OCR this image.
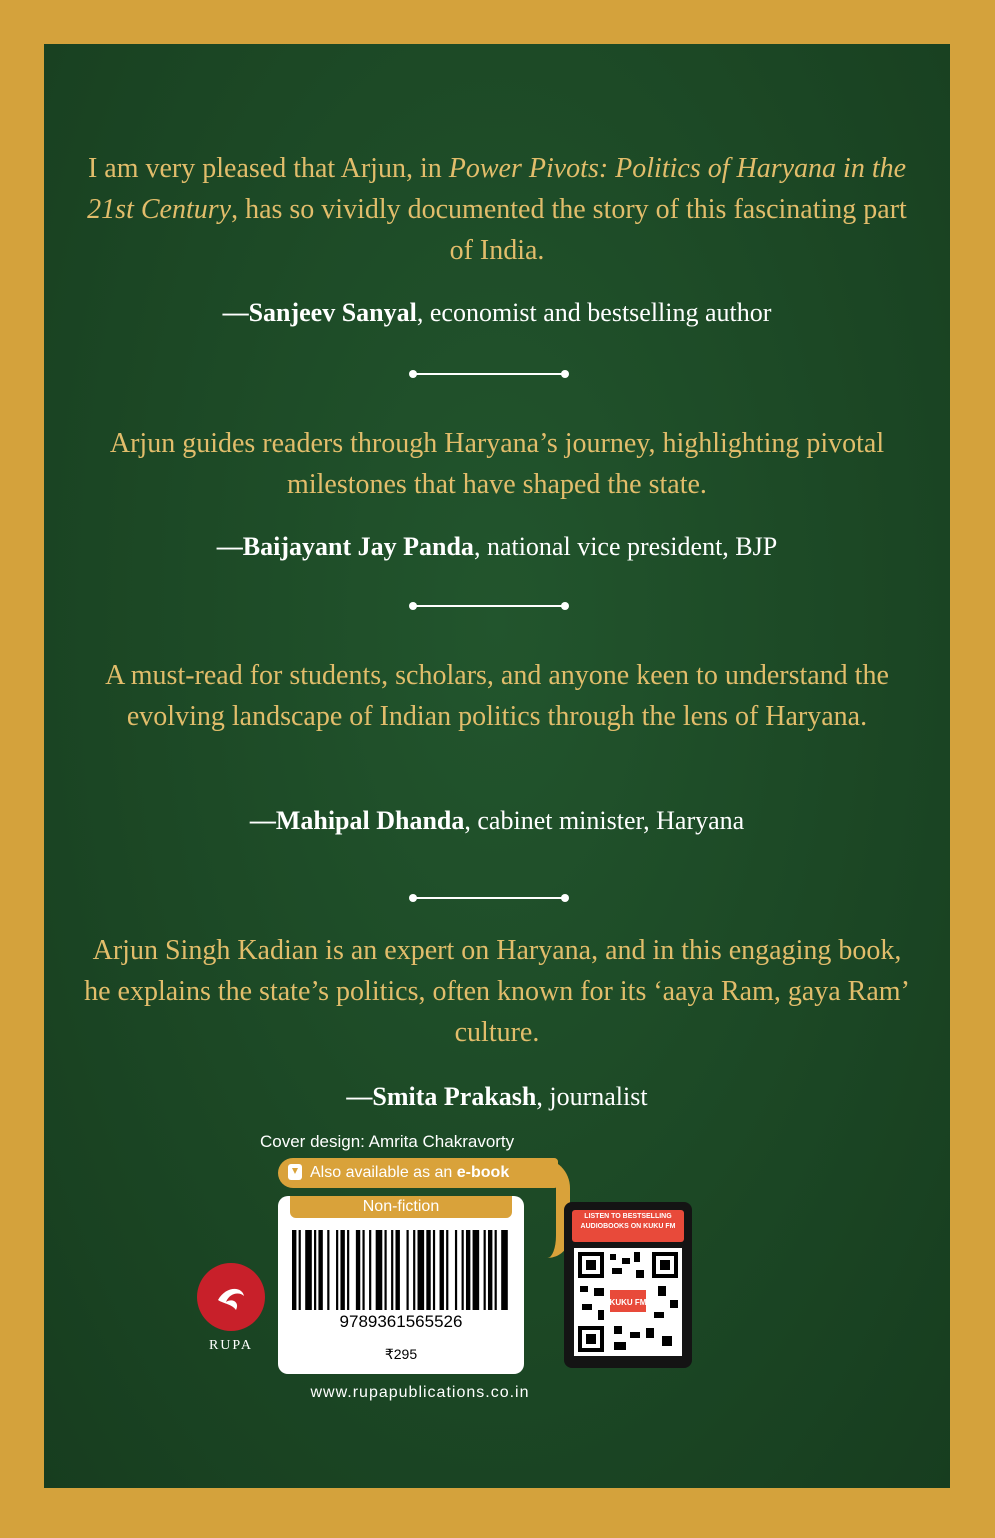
I am very pleased that Arjun, in Power Pivots: Politics of Haryana in the 21st Century, has so vividly documented the story of this fascinating part of India.
—Sanjeev Sanyal, economist and bestselling author
Arjun guides readers through Haryana’s journey, highlighting pivotal milestones that have shaped the state.
—Baijayant Jay Panda, national vice president, BJP
A must-read for students, scholars, and anyone keen to understand the evolving landscape of Indian politics through the lens of Haryana.
—Mahipal Dhanda, cabinet minister, Haryana
Arjun Singh Kadian is an expert on Haryana, and in this engaging book, he explains the state’s politics, often known for its ‘aaya Ram, gaya Ram’ culture.
—Smita Prakash, journalist
Cover design: Amrita Chakravorty
Also available as an e-book
Non-fiction
9789361565526
₹295
RUPA
LISTEN TO BESTSELLING AUDIOBOOKS ON KUKU FM
KUKU FM
www.rupapublications.co.in
